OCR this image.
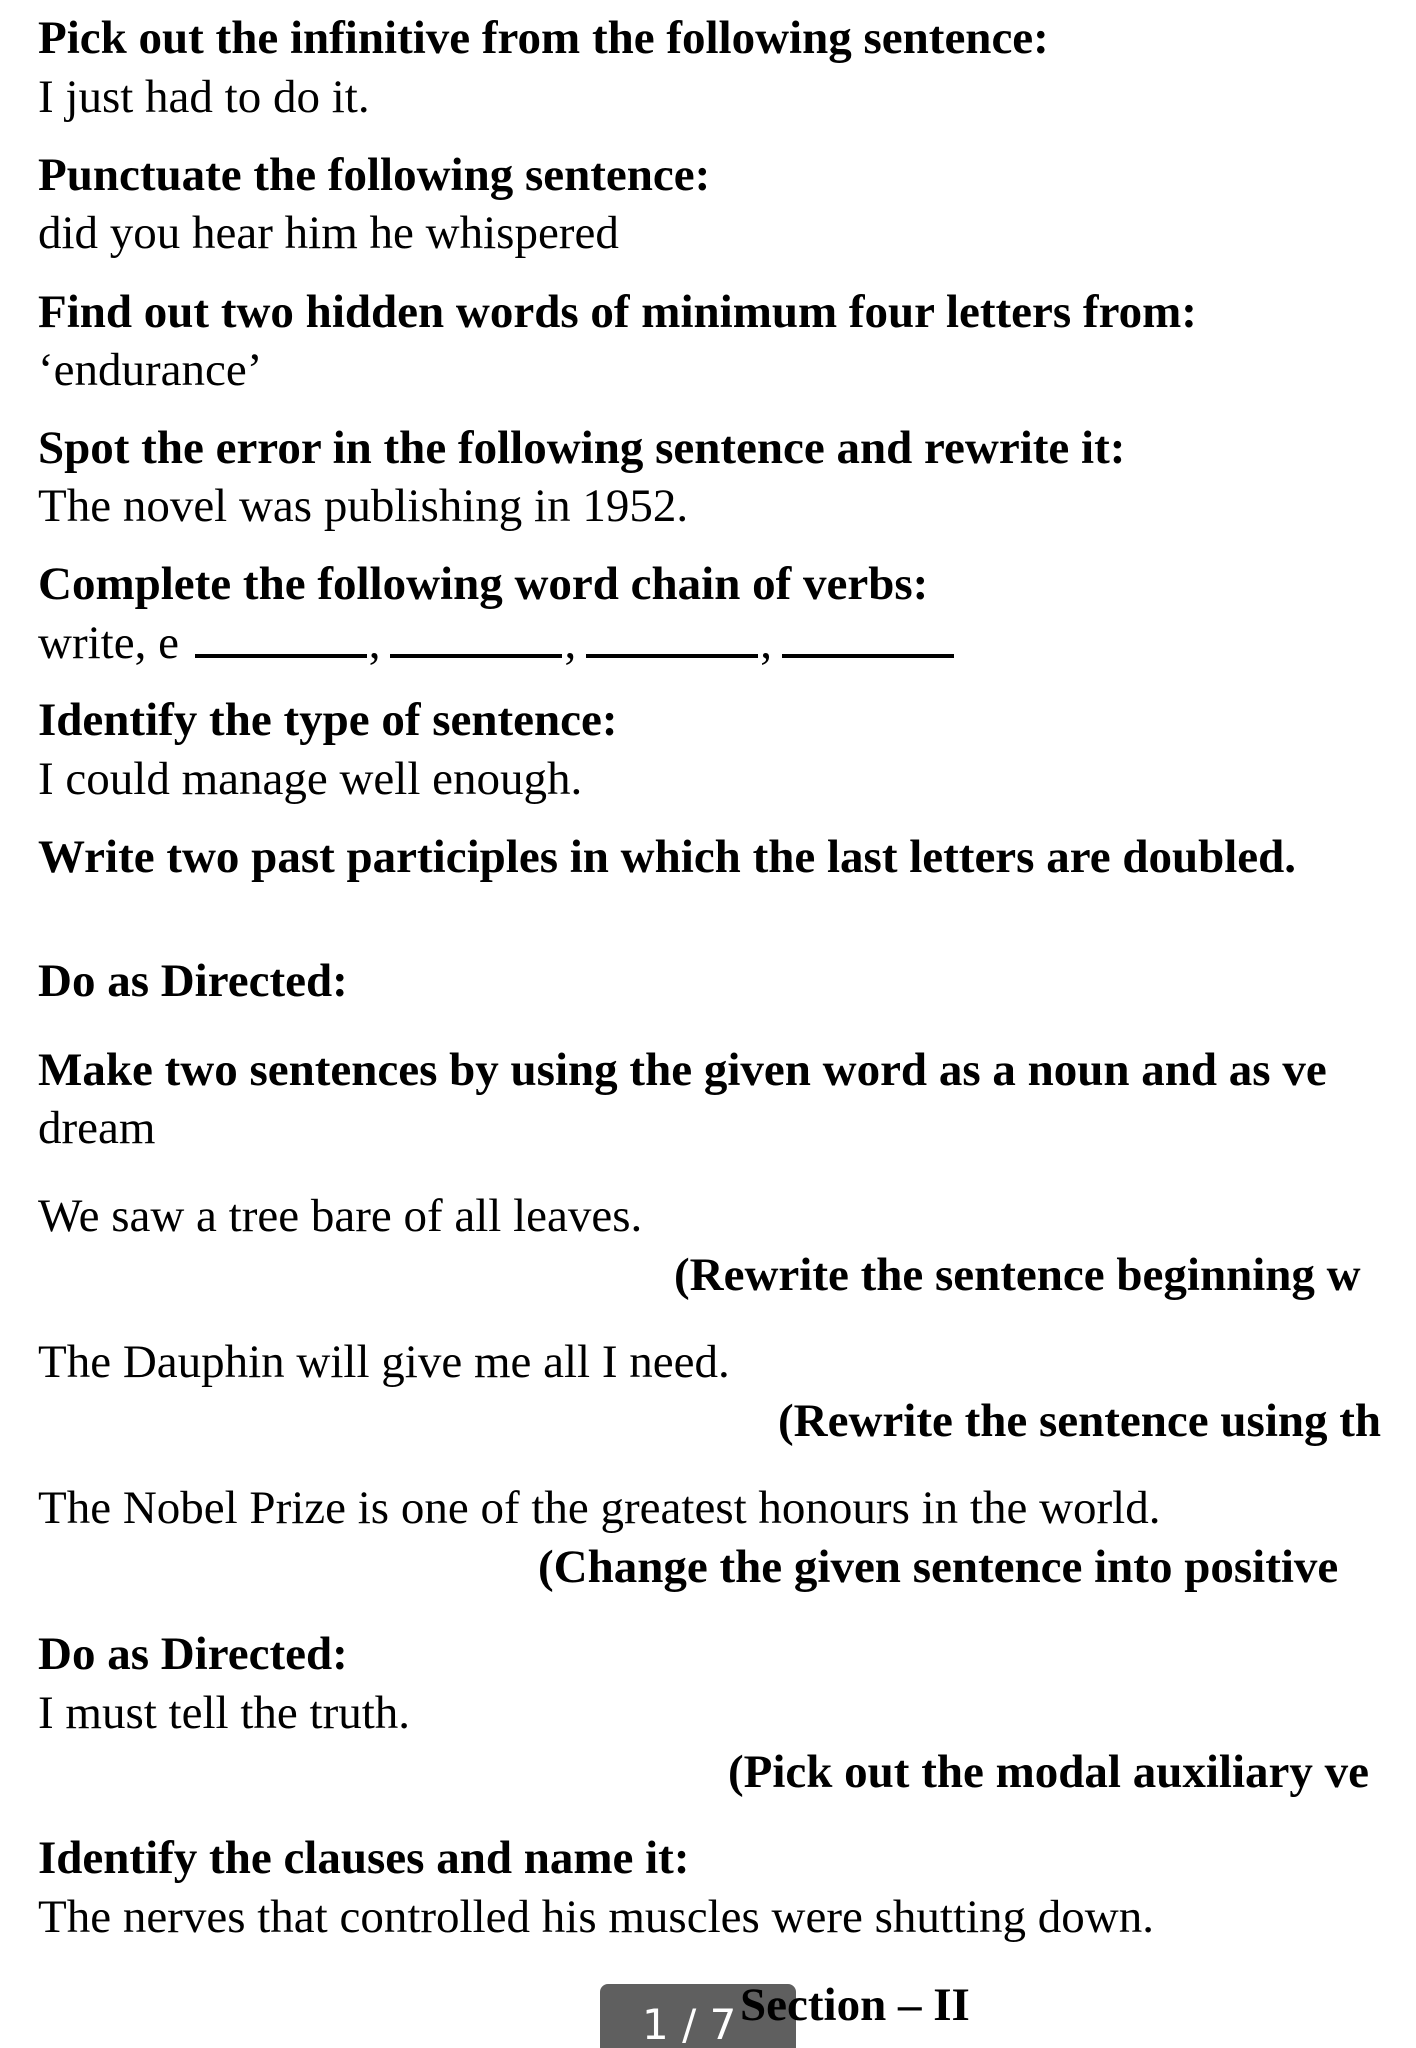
Pick out the infinitive from the following sentence:

I just had to do it.

Punctuate the following sentence:

did you hear him he whispered

Find out two hidden words of minimum four letters from:

‘endurance’

Spot the error in the following sentence and rewrite it:

The novel was publishing in 1952.

Complete the following word chain of verbs:

write, e	,	,	,

Identify the type of sentence:

I could manage well enough.

Write two past participles in which the last letters are doubled.

Do as Directed:

Make two sentences by using the given word as a noun and as ve

dream

We saw a tree bare of all leaves.

(Rewrite the sentence beginning w

The Dauphin will give me all I need.

(Rewrite the sentence using th

The Nobel Prize is one of the greatest honours in the world.

(Change the given sentence into positive

Do as Directed:

I must tell the truth.

(Pick out the modal auxiliary ve

Identify the clauses and name it:

The nerves that controlled his muscles were shutting down.

1 / 7 Section – II
